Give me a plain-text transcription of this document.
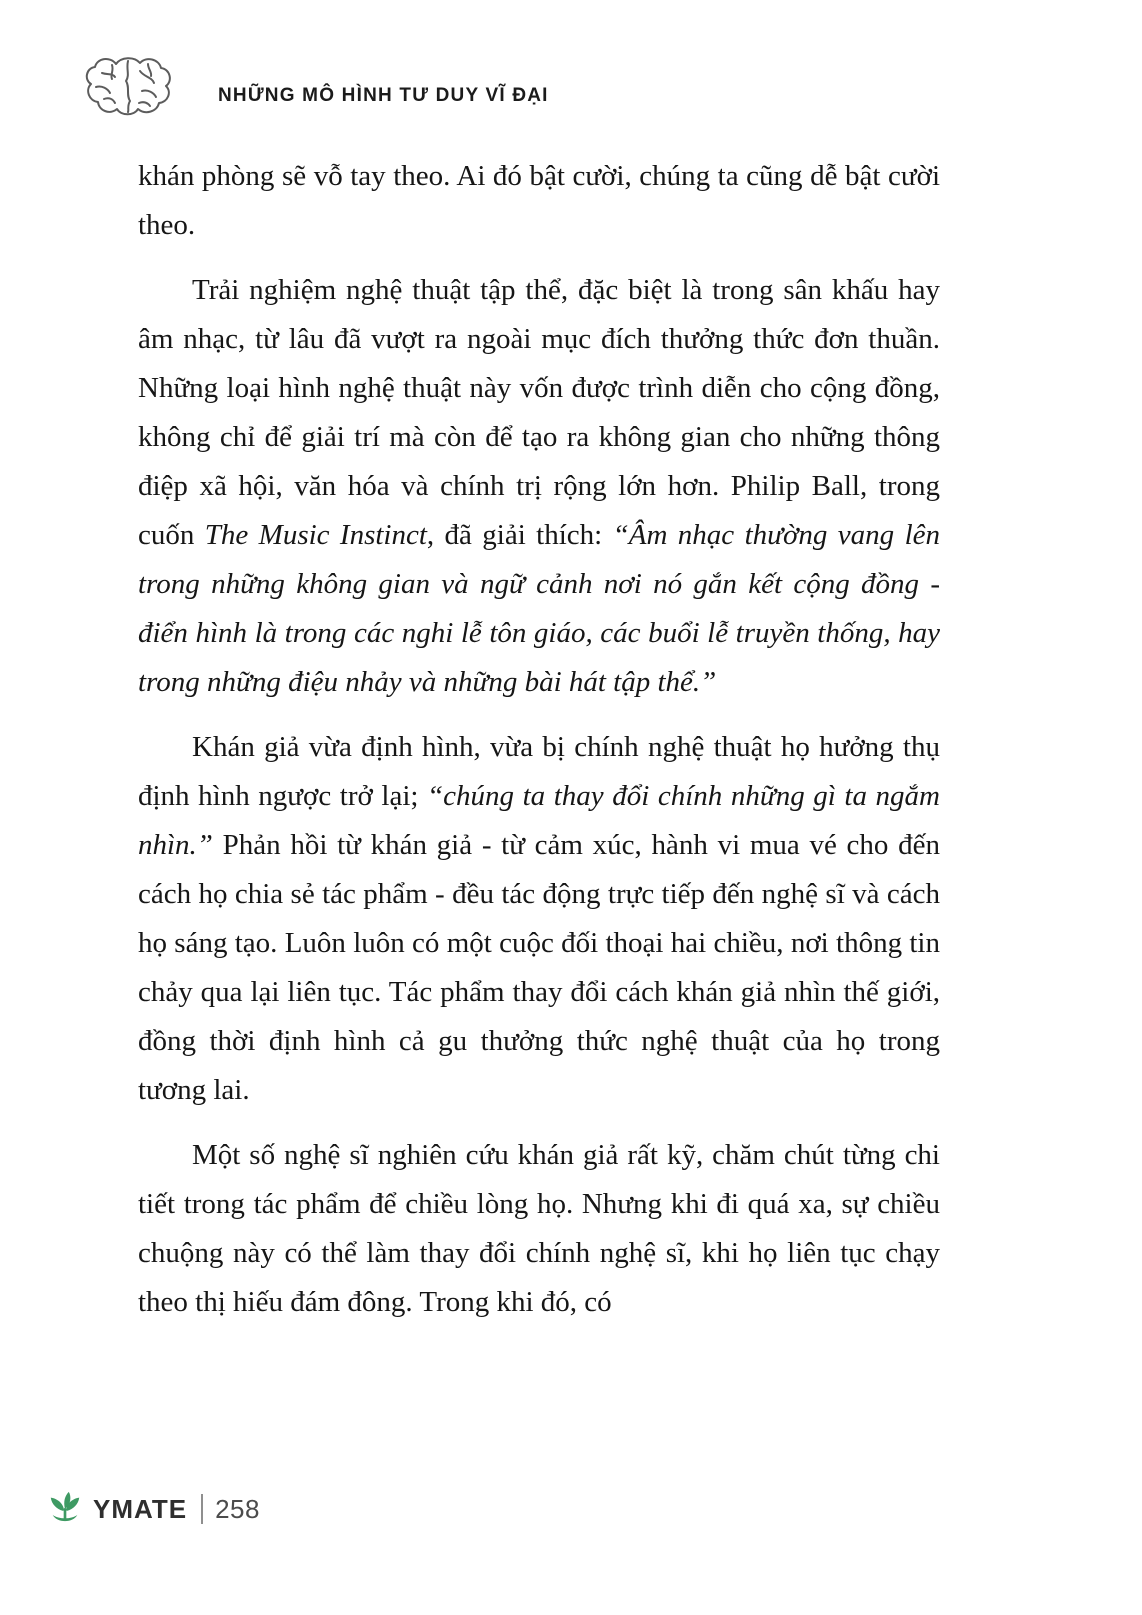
NHỮNG MÔ HÌNH TƯ DUY VĨ ĐẠI

khán phòng sẽ vỗ tay theo. Ai đó bật cười, chúng ta cũng dễ bật cười theo.

Trải nghiệm nghệ thuật tập thể, đặc biệt là trong sân khấu hay âm nhạc, từ lâu đã vượt ra ngoài mục đích thưởng thức đơn thuần. Những loại hình nghệ thuật này vốn được trình diễn cho cộng đồng, không chỉ để giải trí mà còn để tạo ra không gian cho những thông điệp xã hội, văn hóa và chính trị rộng lớn hơn. Philip Ball, trong cuốn The Music Instinct, đã giải thích: “Âm nhạc thường vang lên trong những không gian và ngữ cảnh nơi nó gắn kết cộng đồng - điển hình là trong các nghi lễ tôn giáo, các buổi lễ truyền thống, hay trong những điệu nhảy và những bài hát tập thể.”

Khán giả vừa định hình, vừa bị chính nghệ thuật họ hưởng thụ định hình ngược trở lại; “chúng ta thay đổi chính những gì ta ngắm nhìn.” Phản hồi từ khán giả - từ cảm xúc, hành vi mua vé cho đến cách họ chia sẻ tác phẩm - đều tác động trực tiếp đến nghệ sĩ và cách họ sáng tạo. Luôn luôn có một cuộc đối thoại hai chiều, nơi thông tin chảy qua lại liên tục. Tác phẩm thay đổi cách khán giả nhìn thế giới, đồng thời định hình cả gu thưởng thức nghệ thuật của họ trong tương lai.

Một số nghệ sĩ nghiên cứu khán giả rất kỹ, chăm chút từng chi tiết trong tác phẩm để chiều lòng họ. Nhưng khi đi quá xa, sự chiều chuộng này có thể làm thay đổi chính nghệ sĩ, khi họ liên tục chạy theo thị hiếu đám đông. Trong khi đó, có

YMATE 258
